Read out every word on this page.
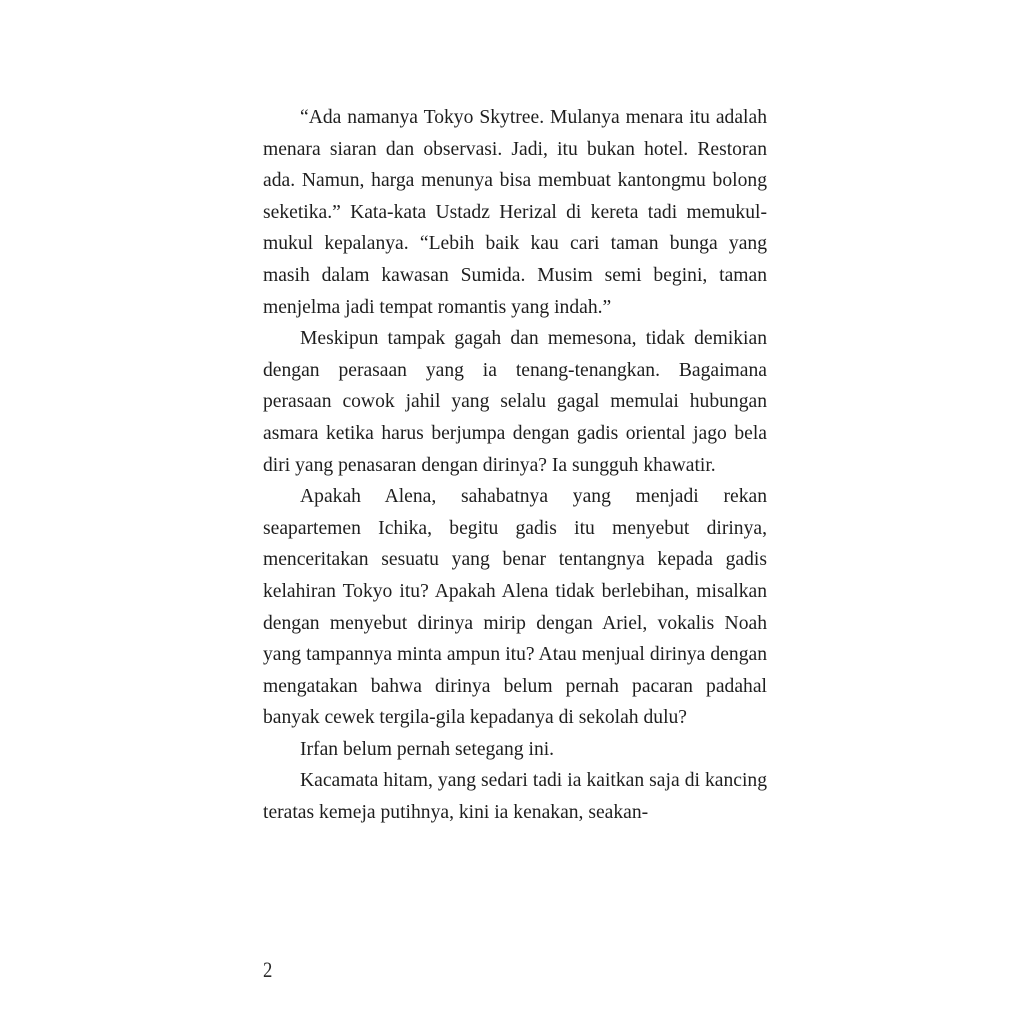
“Ada namanya Tokyo Skytree. Mulanya menara itu adalah menara siaran dan observasi. Jadi, itu bukan hotel. Restoran ada. Namun, harga menunya bisa membuat kantongmu bolong seketika.” Kata-kata Ustadz Herizal di kereta tadi memukul-mukul kepalanya. “Lebih baik kau cari taman bunga yang masih dalam kawasan Sumida. Musim semi begini, taman menjelma jadi tempat romantis yang indah.”

Meskipun tampak gagah dan memesona, tidak demikian dengan perasaan yang ia tenang-tenangkan. Bagaimana perasaan cowok jahil yang selalu gagal memulai hubungan asmara ketika harus berjumpa dengan gadis oriental jago bela diri yang penasaran dengan dirinya? Ia sungguh khawatir.

Apakah Alena, sahabatnya yang menjadi rekan seapartemen Ichika, begitu gadis itu menyebut dirinya, menceritakan sesuatu yang benar tentangnya kepada gadis kelahiran Tokyo itu? Apakah Alena tidak berlebihan, misalkan dengan menyebut dirinya mirip dengan Ariel, vokalis Noah yang tampannya minta ampun itu? Atau menjual dirinya dengan mengatakan bahwa dirinya belum pernah pacaran padahal banyak cewek tergila-gila kepadanya di sekolah dulu?

Irfan belum pernah setegang ini.

Kacamata hitam, yang sedari tadi ia kaitkan saja di kancing teratas kemeja putihnya, kini ia kenakan, seakan-

2
